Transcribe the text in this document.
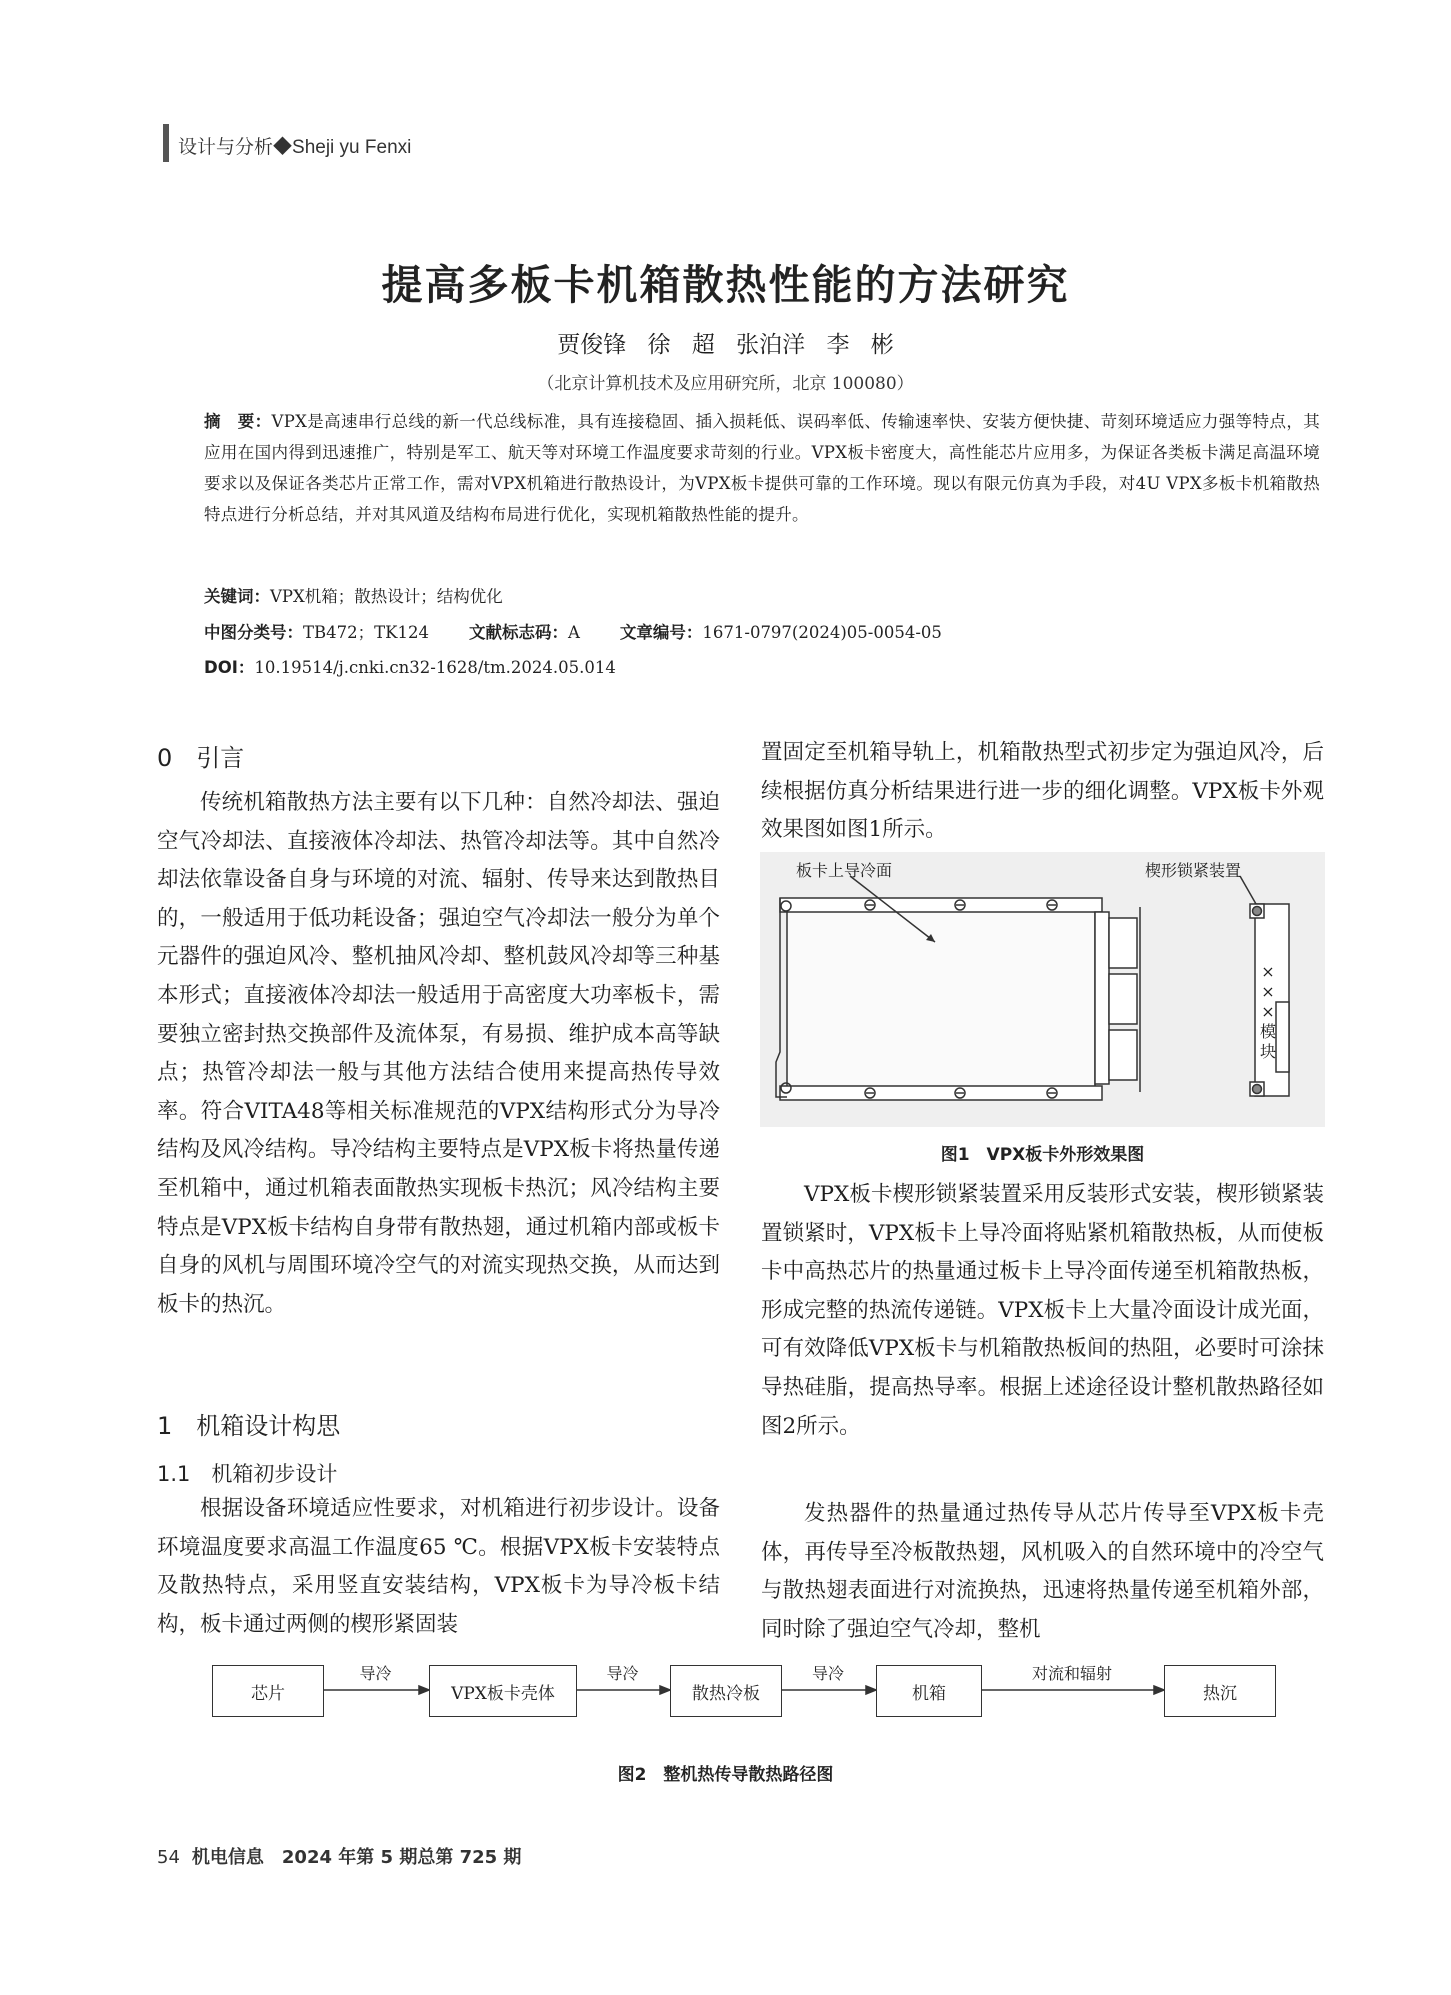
设计与分析◆Sheji yu Fenxi
提高多板卡机箱散热性能的方法研究
贾俊锋 徐 超 张泊洋 李 彬
（北京计算机技术及应用研究所，北京 100080）
摘　要：VPX是高速串行总线的新一代总线标准，具有连接稳固、插入损耗低、误码率低、传输速率快、安装方便快捷、苛刻环境适应力强等特点，其应用在国内得到迅速推广，特别是军工、航天等对环境工作温度要求苛刻的行业。VPX板卡密度大，高性能芯片应用多，为保证各类板卡满足高温环境要求以及保证各类芯片正常工作，需对VPX机箱进行散热设计，为VPX板卡提供可靠的工作环境。现以有限元仿真为手段，对4U VPX多板卡机箱散热特点进行分析总结，并对其风道及结构布局进行优化，实现机箱散热性能的提升。
关键词：VPX机箱；散热设计；结构优化
中图分类号：TB472；TK124 文献标志码：A 文章编号：1671-0797(2024)05-0054-05
DOI：10.19514/j.cnki.cn32-1628/tm.2024.05.014
0　引言
传统机箱散热方法主要有以下几种：自然冷却法、强迫空气冷却法、直接液体冷却法、热管冷却法等。其中自然冷却法依靠设备自身与环境的对流、辐射、传导来达到散热目的，一般适用于低功耗设备；强迫空气冷却法一般分为单个元器件的强迫风冷、整机抽风冷却、整机鼓风冷却等三种基本形式；直接液体冷却法一般适用于高密度大功率板卡，需要独立密封热交换部件及流体泵，有易损、维护成本高等缺点；热管冷却法一般与其他方法结合使用来提高热传导效率。符合VITA48等相关标准规范的VPX结构形式分为导冷结构及风冷结构。导冷结构主要特点是VPX板卡将热量传递至机箱中，通过机箱表面散热实现板卡热沉；风冷结构主要特点是VPX板卡结构自身带有散热翅，通过机箱内部或板卡自身的风机与周围环境冷空气的对流实现热交换，从而达到板卡的热沉。
1　机箱设计构思
1.1　机箱初步设计
根据设备环境适应性要求，对机箱进行初步设计。设备环境温度要求高温工作温度65 ℃。根据VPX板卡安装特点及散热特点，采用竖直安装结构，VPX板卡为导冷板卡结构，板卡通过两侧的楔形紧固装
置固定至机箱导轨上，机箱散热型式初步定为强迫风冷，后续根据仿真分析结果进行进一步的细化调整。VPX板卡外观效果图如图1所示。
板卡上导冷面	楔形锁紧装置
×××模块
图1　VPX板卡外形效果图
VPX板卡楔形锁紧装置采用反装形式安装，楔形锁紧装置锁紧时，VPX板卡上导冷面将贴紧机箱散热板，从而使板卡中高热芯片的热量通过板卡上导冷面传递至机箱散热板，形成完整的热流传递链。VPX板卡上大量冷面设计成光面，可有效降低VPX板卡与机箱散热板间的热阻，必要时可涂抹导热硅脂，提高热导率。根据上述途径设计整机散热路径如图2所示。
发热器件的热量通过热传导从芯片传导至VPX板卡壳体，再传导至冷板散热翅，风机吸入的自然环境中的冷空气与散热翅表面进行对流换热，迅速将热量传递至机箱外部，同时除了强迫空气冷却，整机
芯片	VPX板卡壳体	散热冷板	机箱	热沉
导冷	导冷	导冷	对流和辐射
图2　整机热传导散热路径图
54 机电信息　2024 年第 5 期总第 725 期
